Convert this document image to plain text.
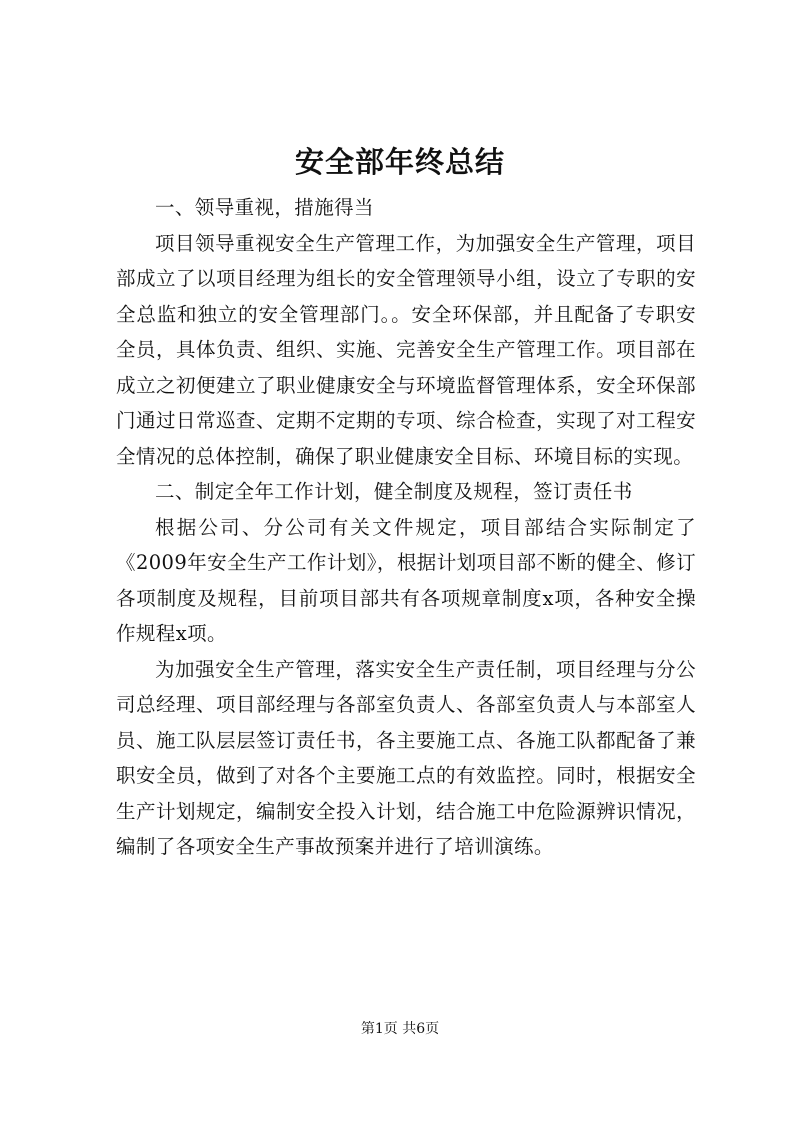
安全部年终总结

一、领导重视，措施得当

项目领导重视安全生产管理工作，为加强安全生产管理，项目部成立了以项目经理为组长的安全管理领导小组，设立了专职的安全总监和独立的安全管理部门。。安全环保部，并且配备了专职安全员，具体负责、组织、实施、完善安全生产管理工作。项目部在成立之初便建立了职业健康安全与环境监督管理体系，安全环保部门通过日常巡查、定期不定期的专项、综合检查，实现了对工程安全情况的总体控制，确保了职业健康安全目标、环境目标的实现。

二、制定全年工作计划，健全制度及规程，签订责任书

根据公司、分公司有关文件规定，项目部结合实际制定了《2009年安全生产工作计划》，根据计划项目部不断的健全、修订各项制度及规程，目前项目部共有各项规章制度x项，各种安全操作规程x项。

为加强安全生产管理，落实安全生产责任制，项目经理与分公司总经理、项目部经理与各部室负责人、各部室负责人与本部室人员、施工队层层签订责任书，各主要施工点、各施工队都配备了兼职安全员，做到了对各个主要施工点的有效监控。同时，根据安全生产计划规定，编制安全投入计划，结合施工中危险源辨识情况，编制了各项安全生产事故预案并进行了培训演练。

第1页 共6页
